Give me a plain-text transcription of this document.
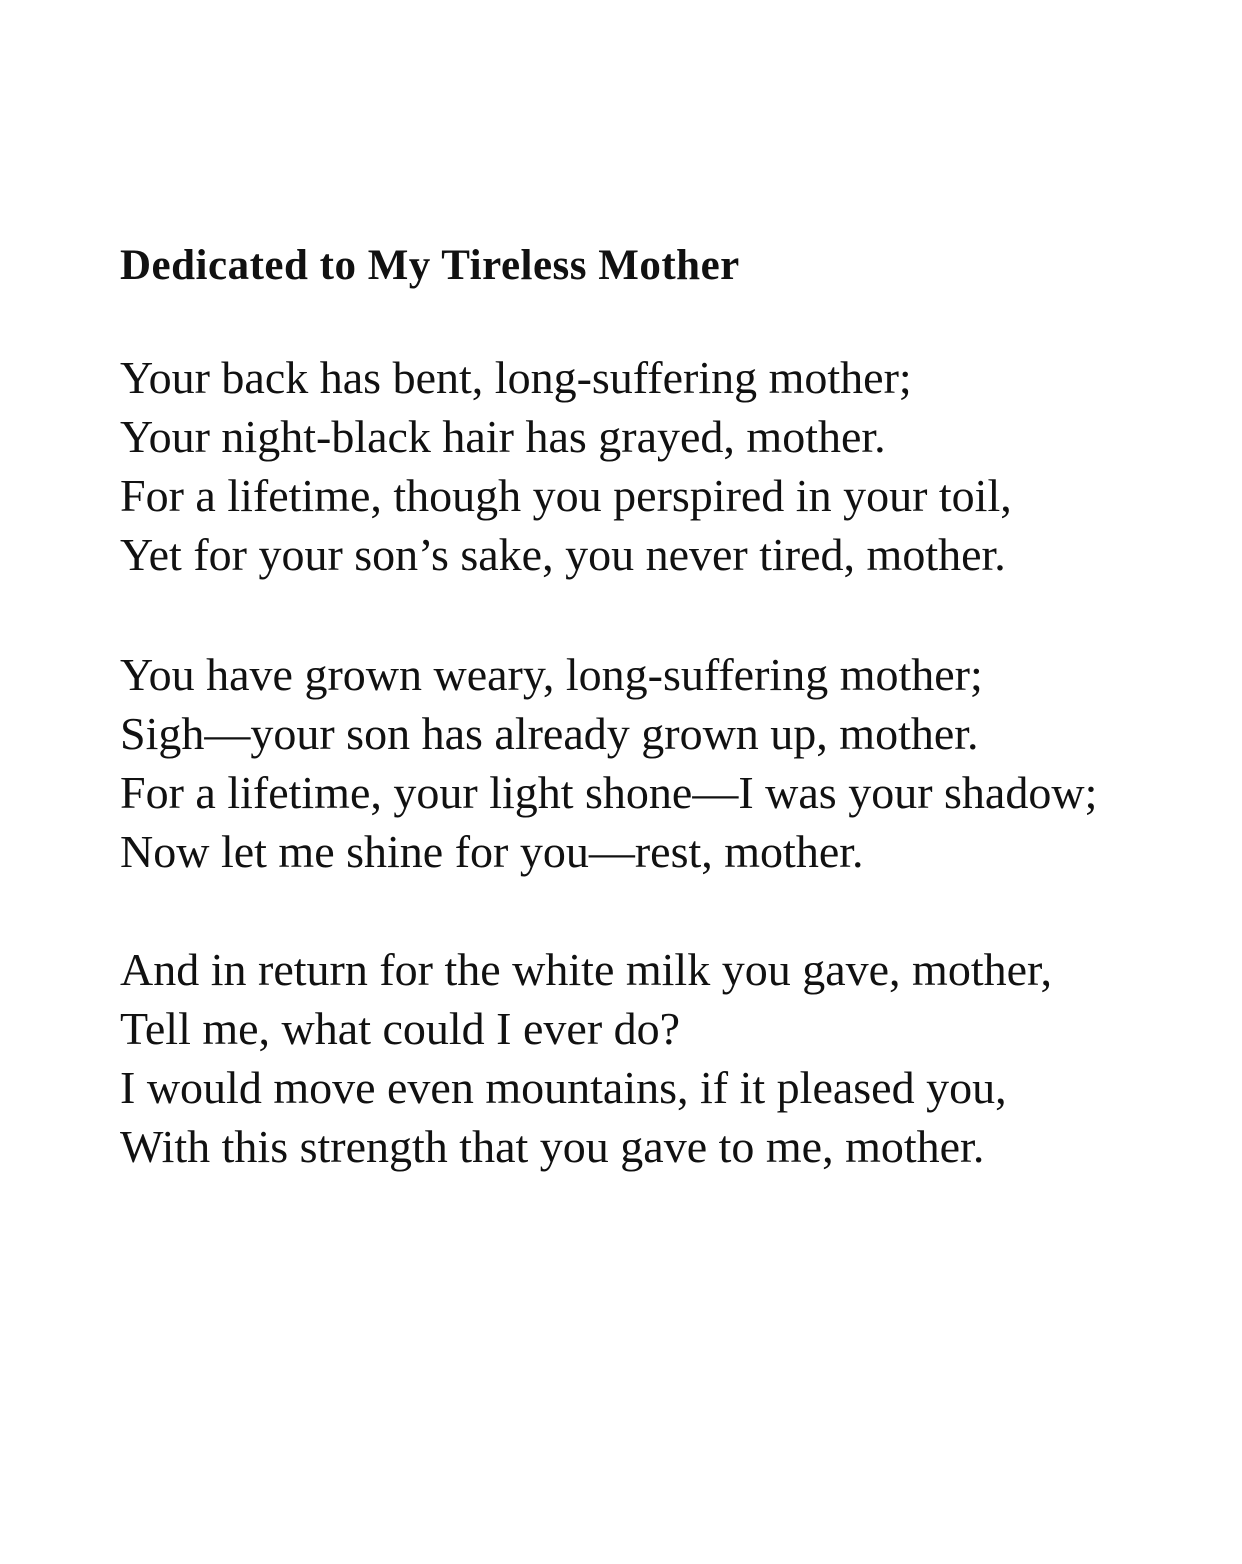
Dedicated to My Tireless Mother
Your back has bent, long-suffering mother;
Your night-black hair has grayed, mother.
For a lifetime, though you perspired in your toil,
Yet for your son’s sake, you never tired, mother.
You have grown weary, long-suffering mother;
Sigh—your son has already grown up, mother.
For a lifetime, your light shone—I was your shadow;
Now let me shine for you—rest, mother.
And in return for the white milk you gave, mother,
Tell me, what could I ever do?
I would move even mountains, if it pleased you,
With this strength that you gave to me, mother.
